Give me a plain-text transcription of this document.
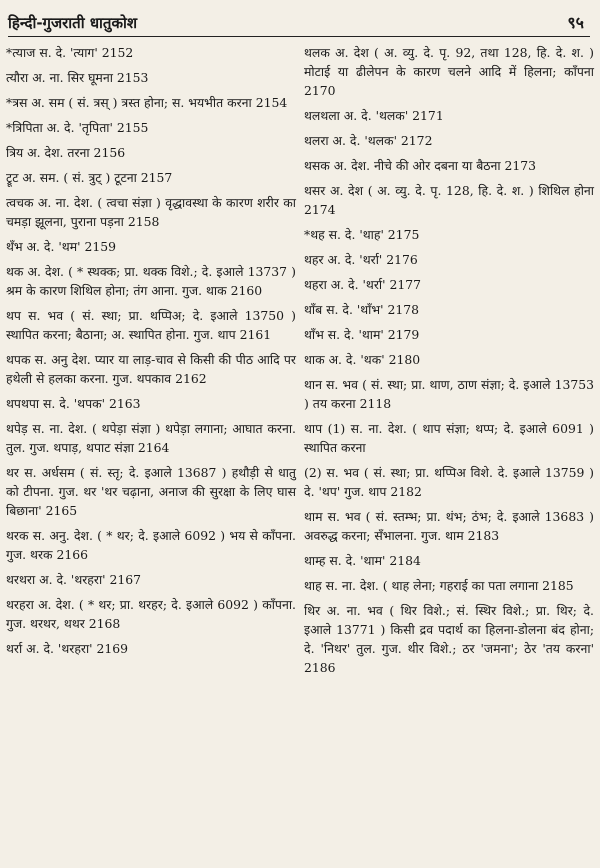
हिन्दी-गुजराती धातुकोश	९५
*त्याज स. दे. 'त्याग' 2152
त्यौरा अ. ना. सिर घूमना 2153
*त्रस अ. सम ( सं. त्रस् ) त्रस्त होना; स. भयभीत करना 2154
*त्रिपिता अ. दे. 'तृपिता' 2155
त्रिय अ. देश. तरना 2156
ट्रूट अ. सम. ( सं. त्रुट् ) टूटना 2157
त्वचक अ. ना. देश. ( त्वचा संज्ञा ) वृद्धावस्था के कारण शरीर का चमड़ा झूलना, पुराना पड़ना 2158
थँभ अ. दे. 'थम' 2159
थक अ. देश. ( * स्थक्क; प्रा. थक्क विशे.; दे. इआले 13737 ) श्रम के कारण शिथिल होना; तंग आना. गुज. थाक 2160
थप स. भव ( सं. स्था; प्रा. थप्पिअ; दे. इआले 13750 ) स्थापित करना; बैठाना; अ. स्थापित होना. गुज. थाप 2161
थपक स. अनु देश. प्यार या लाड़-चाव से किसी की पीठ आदि पर हथेली से हलका करना. गुज. थपकाव 2162
थपथपा स. दे. 'थपक' 2163
थपेड़ स. ना. देश. ( थपेड़ा संज्ञा ) थपेड़ा लगाना; आघात करना. तुल. गुज. थपाड़, थपाट संज्ञा 2164
थर स. अर्धसम ( सं. स्तृ; दे. इआले 13687 ) हथौड़ी से धातु को टीपना. गुज. थर 'थर चढ़ाना, अनाज की सुरक्षा के लिए घास बिछाना' 2165
थरक स. अनु. देश. ( * थर; दे. इआले 6092 ) भय से काँपना. गुज. थरक 2166
थरथरा अ. दे. 'थरहरा' 2167
थरहरा अ. देश. ( * थर; प्रा. थरहर; दे. इआले 6092 ) काँपना. गुज. थरथर, थथर 2168
थर्रा अ. दे. 'थरहरा' 2169
थलक अ. देश ( अ. व्यु. दे. पृ. 92, तथा 128, हि. दे. श. ) मोटाई या ढीलेपन के कारण चलने आदि में हिलना; काँपना 2170
थलथला अ. दे. 'थलक' 2171
थलरा अ. दे. 'थलक' 2172
थसक अ. देश. नीचे की ओर दबना या बैठना 2173
थसर अ. देश ( अ. व्यु. दे. पृ. 128, हि. दे. श. ) शिथिल होना 2174
*थह स. दे. 'थाह' 2175
थहर अ. दे. 'थर्रा' 2176
थहरा अ. दे. 'थर्रा' 2177
थाँब स. दे. 'थाँभ' 2178
थाँभ स. दे. 'थाम' 2179
थाक अ. दे. 'थक' 2180
थान स. भव ( सं. स्था; प्रा. थाण, ठाण संज्ञा; दे. इआले 13753 ) तय करना 2118
थाप (1) स. ना. देश. ( थाप संज्ञा; थप्प; दे. इआले 6091 ) स्थापित करना
(2) स. भव ( सं. स्था; प्रा. थप्पिअ विशे. दे. इआले 13759 ) दे. 'थप' गुज. थाप 2182
थाम स. भव ( सं. स्तम्भ; प्रा. थंभ; ठंभ; दे. इआले 13683 ) अवरुद्ध करना; सँभालना. गुज. थाम 2183
थाम्ह स. दे. 'थाम' 2184
थाह स. ना. देश. ( थाह लेना; गहराई का पता लगाना 2185
थिर अ. ना. भव ( थिर विशे.; सं. स्थिर विशे.; प्रा. थिर; दे. इआले 13771 ) किसी द्रव पदार्थ का हिलना-डोलना बंद होना; दे. 'निथर' तुल. गुज. थीर विशे.; ठर 'जमना'; ठेर 'तय करना' 2186
